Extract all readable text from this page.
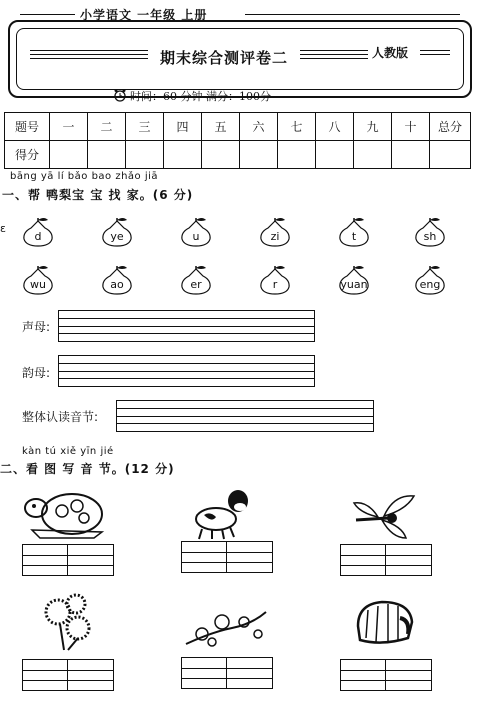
小学语文 一年级 上册
期末综合测评卷二	人教版
时间：60 分钟 满分：100分
题号	一	二	三	四	五	六	七	八	九	十	总分
得分											
bāng yā lí bǎo bao zhǎo jiā
一、帮 鸭梨宝 宝 找 家。(6 分)
ɛ
d	ye	u	zi	t	sh
wu	ao	er	r	yuan	eng
声母:
韵母:
整体认读音节:
kàn tú xiě yīn jié
二、看 图 写 音 节。(12 分)
